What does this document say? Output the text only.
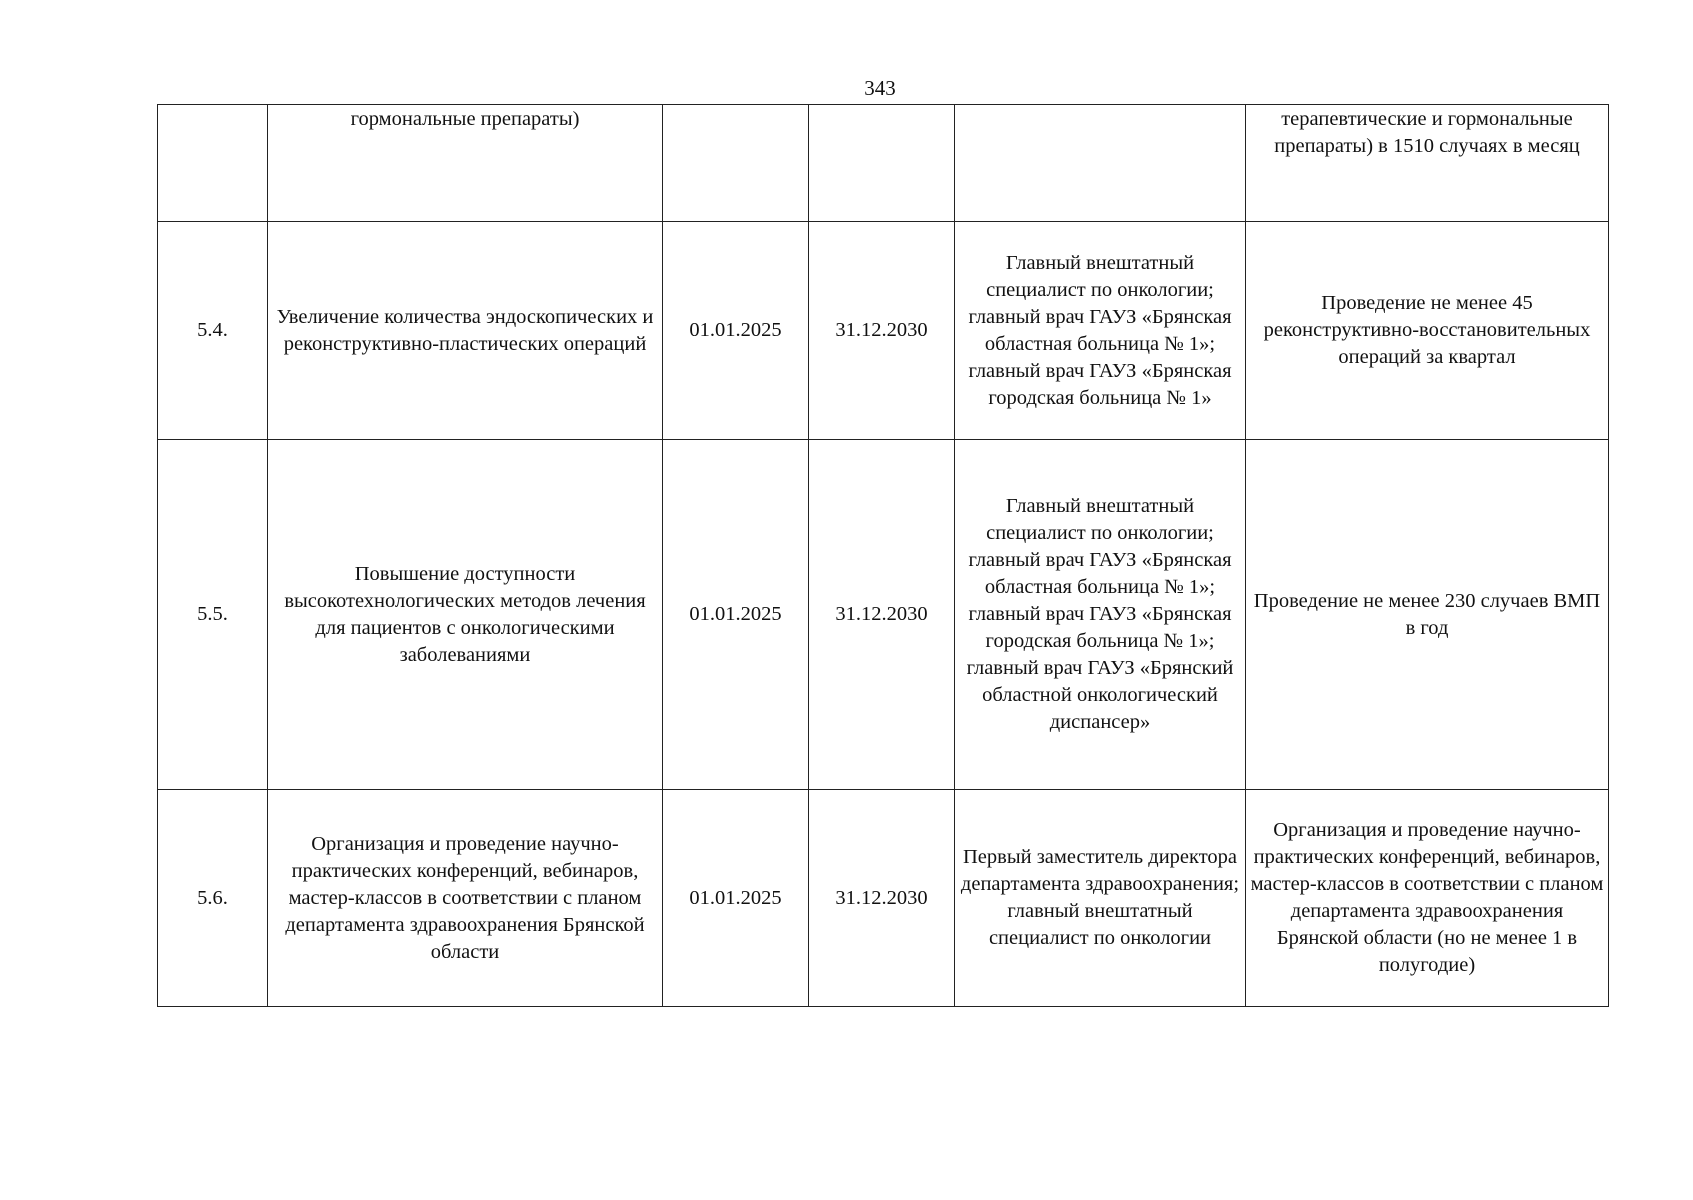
343
	гормональные препараты)				терапевтические и гормональные препараты) в 1510 случаях в месяц
5.4.	Увеличение количества эндоскопических и реконструктивно-пластических операций	01.01.2025	31.12.2030	Главный внештатный специалист по онкологии; главный врач ГАУЗ «Брянская областная больница № 1»; главный врач ГАУЗ «Брянская городская больница № 1»	Проведение не менее 45 реконструктивно-восстановительных операций за квартал
5.5.	Повышение доступности высокотехнологических методов лечения для пациентов с онкологическими заболеваниями	01.01.2025	31.12.2030	Главный внештатный специалист по онкологии; главный врач ГАУЗ «Брянская областная больница № 1»; главный врач ГАУЗ «Брянская городская больница № 1»; главный врач ГАУЗ «Брянский областной онкологический диспансер»	Проведение не менее 230 случаев ВМП в год
5.6.	Организация и проведение научно-практических конференций, вебинаров, мастер-классов в соответствии с планом департамента здравоохранения Брянской области	01.01.2025	31.12.2030	Первый заместитель директора департамента здравоохранения; главный внештатный специалист по онкологии	Организация и проведение научно-практических конференций, вебинаров, мастер-классов в соответствии с планом департамента здравоохранения Брянской области (но не менее 1 в полугодие)
